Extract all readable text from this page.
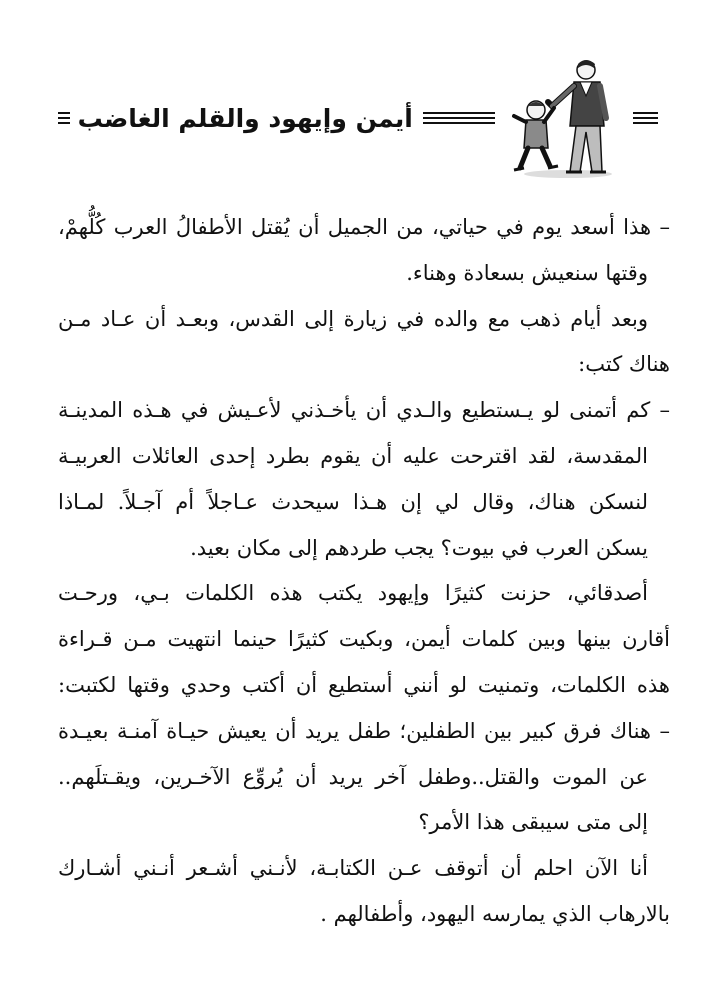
أيمن وإيهود والقلم الغاضب
– هذا أسعد يوم في حياتي، من الجميل أن يُقتل الأطفالُ العرب كُلُّهمْ،
وقتها سنعيش بسعادة وهناء.
وبعد أيام ذهب مع والده في زيارة إلى القدس، وبعـد أن عـاد مـن
هناك كتب:
– كم أتمنى لو يـستطيع والـدي أن يأخـذني لأعـيش في هـذه المدينـة
المقدسة، لقد اقترحت عليه أن يقوم بطرد إحدى العائلات العربيـة
لنسكن هناك، وقال لي إن هـذا سيحدث عـاجلاً أم آجـلاً. لمـاذا
يسكن العرب في بيوت؟ يجب طردهم إلى مكان بعيد.
أصدقائي، حزنت كثيرًا وإيهود يكتب هذه الكلمات بـي، ورحـت
أقارن بينها وبين كلمات أيمن، وبكيت كثيرًا حينما انتهيت مـن قـراءة
هذه الكلمات، وتمنيت لو أنني أستطيع أن أكتب وحدي وقتها لكتبت:
– هناك فرق كبير بين الطفلين؛ طفل يريد أن يعيش حيـاة آمنـة بعيـدة
عن الموت والقتل..وطفل آخر يريد أن يُروِّع الآخـرين، ويقـتلَهم..
إلى متى سيبقى هذا الأمر؟
أنا الآن احلم أن أتوقف عـن الكتابـة، لأنـني أشـعر أنـني أشـارك
بالارهاب الذي يمارسه اليهود، وأطفالهم .
